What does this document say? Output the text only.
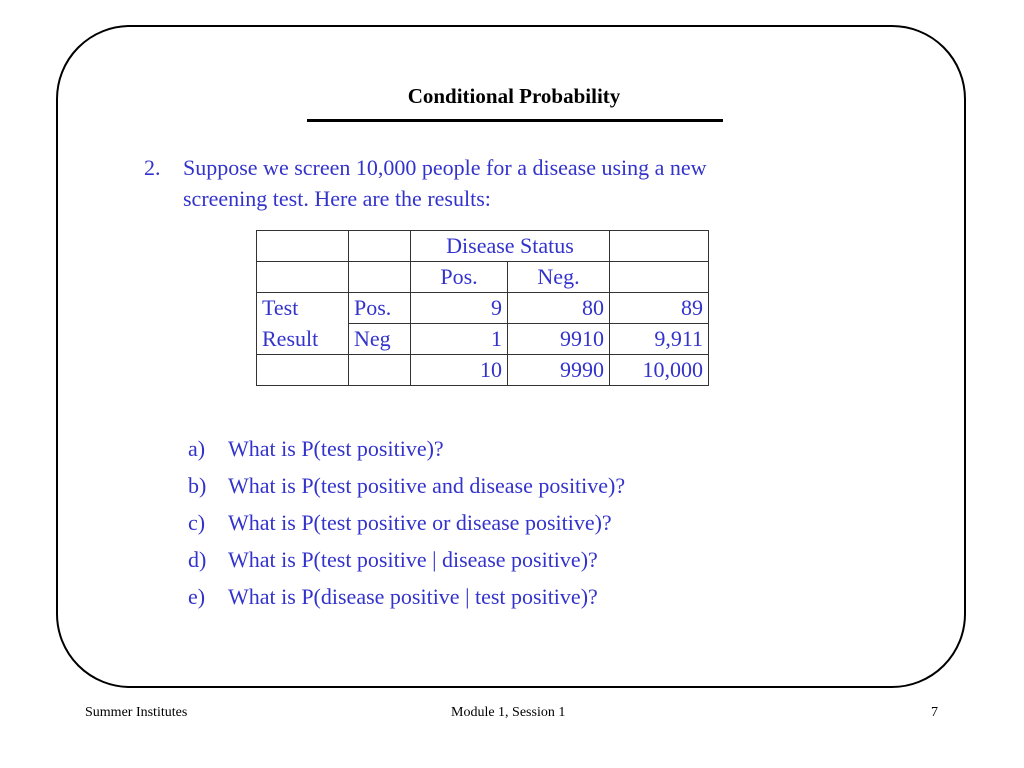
Conditional Probability
2. Suppose we screen 10,000 people for a disease using a new
screening test. Here are the results:
		Disease Status		
		Pos.	Neg.	
Test	Pos.	9	80	89
Result	Neg	1	9910	9,911
		10	9990	10,000
a) What is P(test positive)?
b) What is P(test positive and disease positive)?
c) What is P(test positive or disease positive)?
d) What is P(test positive | disease positive)?
e) What is P(disease positive | test positive)?
Summer Institutes	Module 1, Session 1	7
